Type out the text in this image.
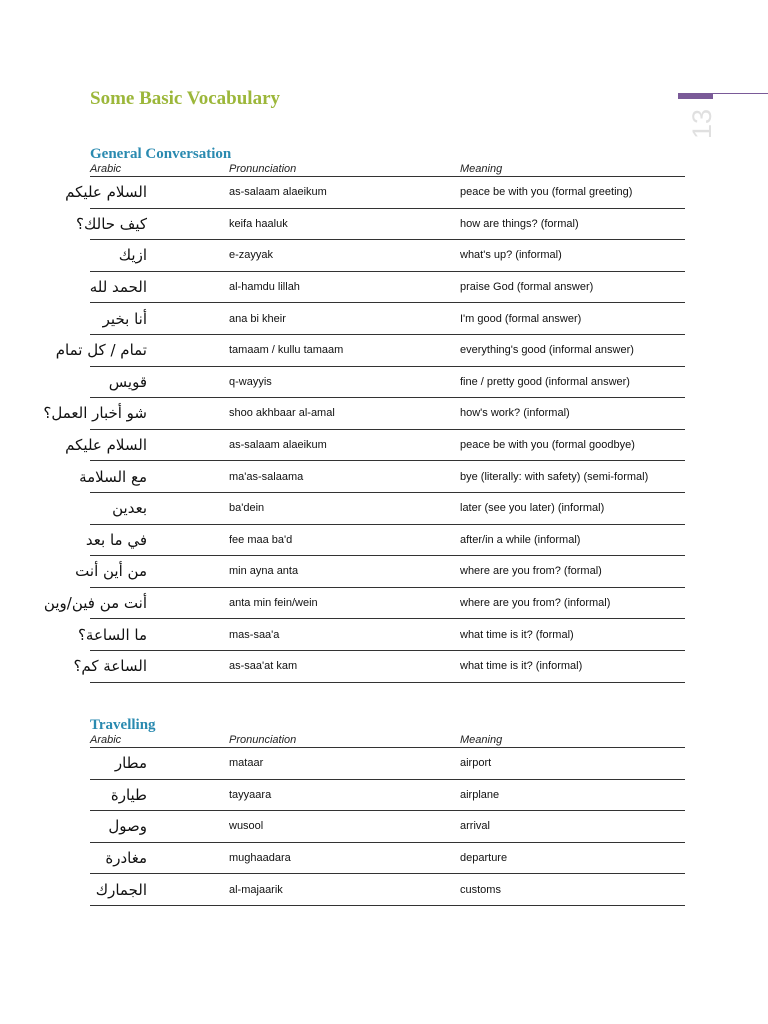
Some Basic Vocabulary
13
General Conversation
Arabic	Pronunciation	Meaning
السلام عليكم	as-salaam alaeikum	peace be with you (formal greeting)
كيف حالك؟	keifa haaluk	how are things? (formal)
ازيك	e-zayyak	what's up? (informal)
الحمد لله	al-hamdu lillah	praise God (formal answer)
أنا بخير	ana bi kheir	I'm good (formal answer)
تمام / كل تمام	tamaam / kullu tamaam	everything's good (informal answer)
قويس	q-wayyis	fine / pretty good (informal answer)
شو أخبار العمل؟	shoo akhbaar al-amal	how's work? (informal)
السلام عليكم	as-salaam alaeikum	peace be with you (formal goodbye)
مع السلامة	ma'as-salaama	bye (literally: with safety) (semi-formal)
بعدين	ba'dein	later (see you later) (informal)
في ما بعد	fee maa ba'd	after/in a while (informal)
من أين أنت	min ayna anta	where are you from? (formal)
أنت من فين/وين	anta min fein/wein	where are you from? (informal)
ما الساعة؟	mas-saa'a	what time is it? (formal)
الساعة كم؟	as-saa'at kam	what time is it? (informal)
Travelling
Arabic	Pronunciation	Meaning
مطار	mataar	airport
طيارة	tayyaara	airplane
وصول	wusool	arrival
مغادرة	mughaadara	departure
الجمارك	al-majaarik	customs
